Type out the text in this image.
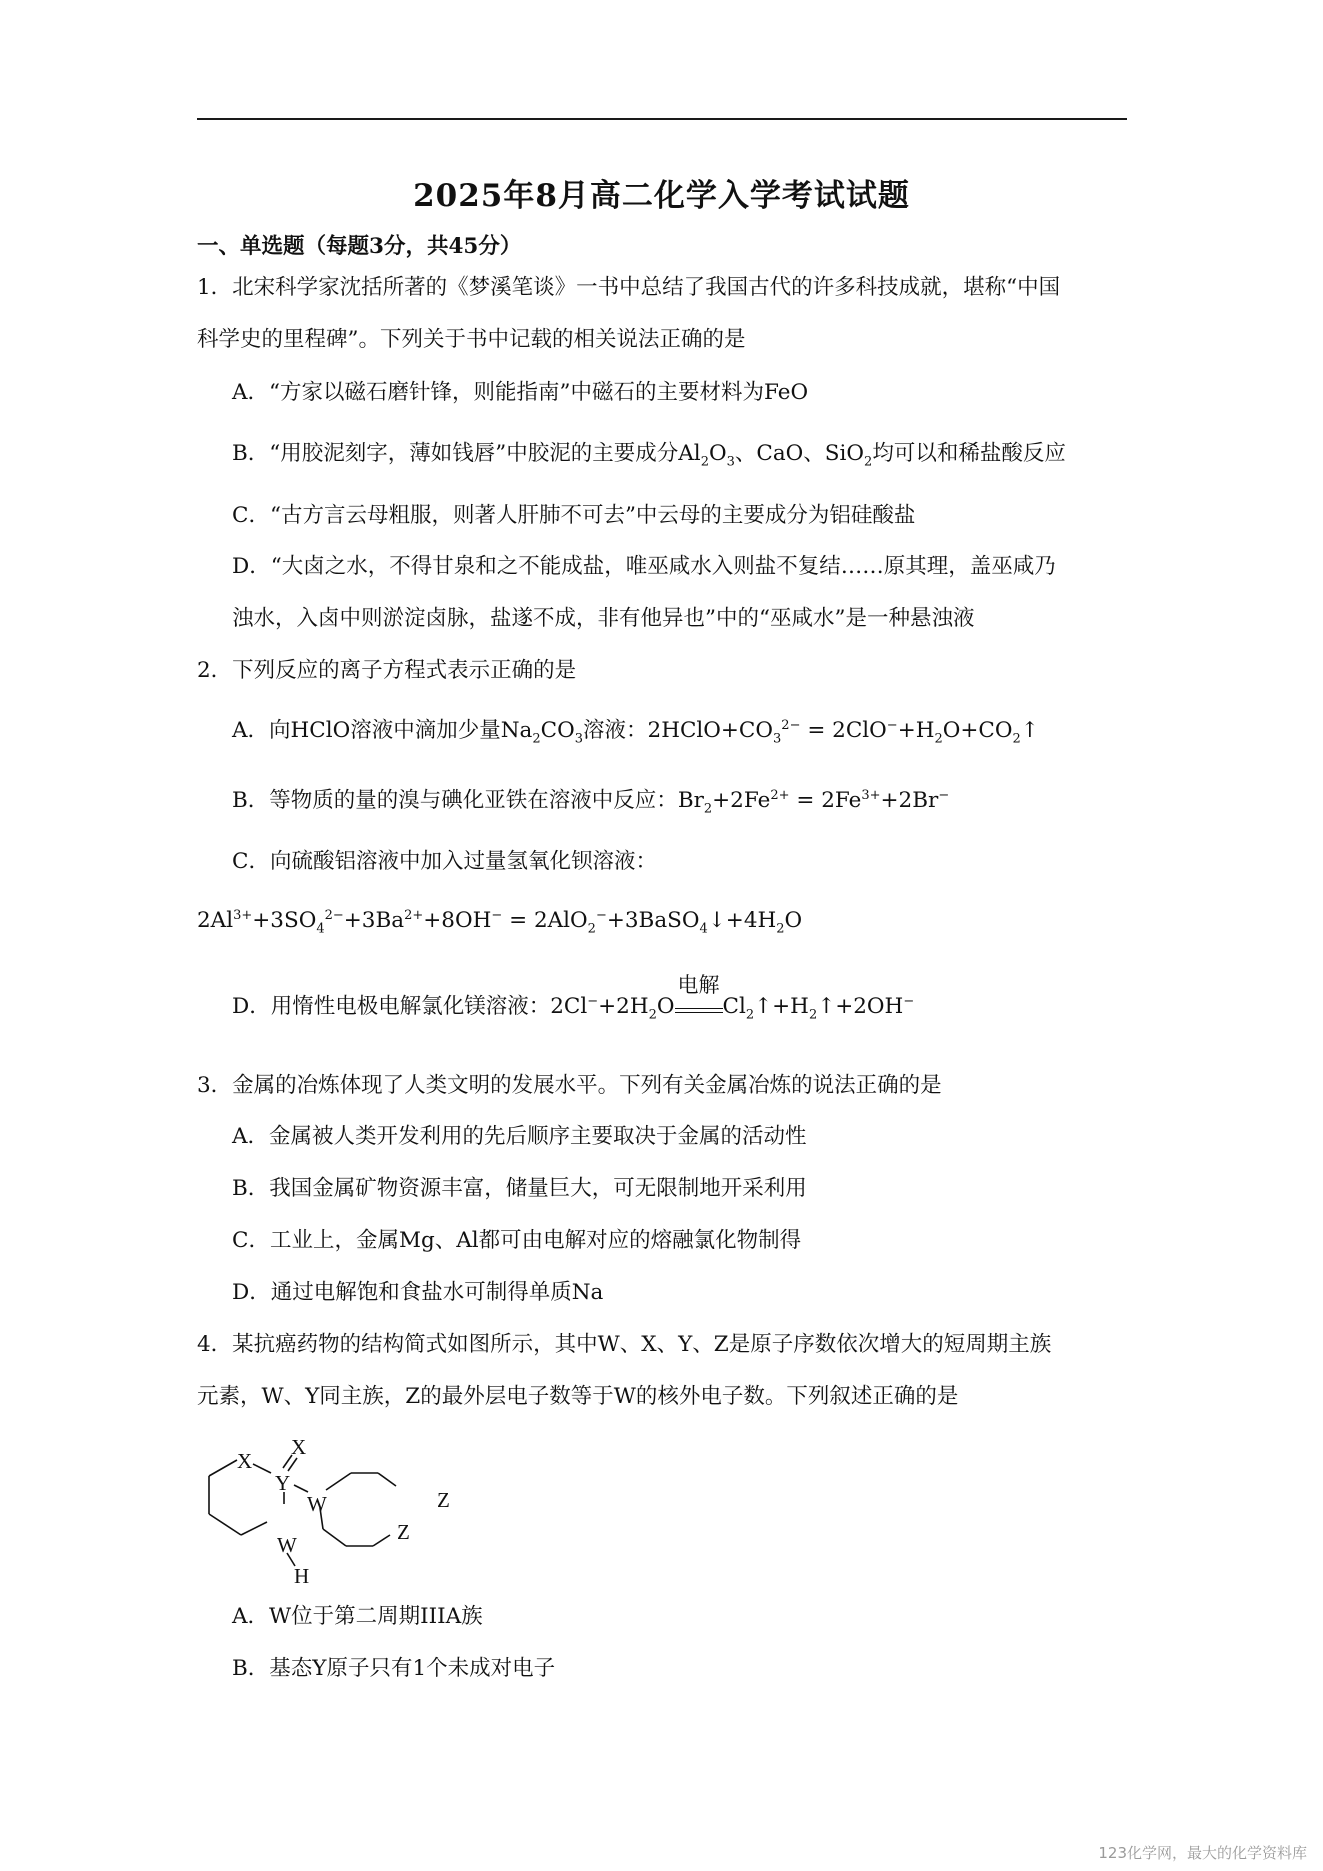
2025年8月高二化学入学考试试题
一、单选题（每题3分，共45分）
1．北宋科学家沈括所著的《梦溪笔谈》一书中总结了我国古代的许多科技成就，堪称“中国
科学史的里程碑”。下列关于书中记载的相关说法正确的是
A．“方家以磁石磨针锋，则能指南”中磁石的主要材料为FeO
B．“用胶泥刻字，薄如钱唇”中胶泥的主要成分$Al_2O_3$、CaO、SiO$_2$均可以和稀盐酸反应
C．“古方言云母粗服，则著人肝肺不可去”中云母的主要成分为铝硅酸盐
D．“大卤之水，不得甘泉和之不能成盐，唯巫咸水入则盐不复结……原其理，盖巫咸乃
浊水，入卤中则淤淀卤脉，盐遂不成，非有他异也”中的“巫咸水”是一种悬浊液
2．下列反应的离子方程式表示正确的是
A．向HClO溶液中滴加少量$Na_2CO_3$溶液：$2HClO+CO_3^{2-}$ = $2ClO^-+H_2O+CO_2↑$
B．等物质的量的溴与碘化亚铁在溶液中反应：$Br_2+2Fe^{2+} = 2Fe^{3+}+2Br^-$
C．向硫酸铝溶液中加入过量氢氧化钡溶液：
$2Al^{3+}+3SO_4^{2-}+3Ba^{2+}+8OH^-$ = $2AlO_2^-+3BaSO_4↓+4H_2O$
D．用惰性电极电解氯化镁溶液：$2Cl^-+2H_2O$
电解
$Cl_2↑+H_2↑+2OH^-$
3．金属的冶炼体现了人类文明的发展水平。下列有关金属冶炼的说法正确的是
A．金属被人类开发利用的先后顺序主要取决于金属的活动性
B．我国金属矿物资源丰富，储量巨大，可无限制地开采利用
C．工业上，金属Mg、Al都可由电解对应的熔融氯化物制得
D．通过电解饱和食盐水可制得单质Na
4．某抗癌药物的结构简式如图所示，其中W、X、Y、Z是原子序数依次增大的短周期主族
元素，W、Y同主族，Z的最外层电子数等于W的核外电子数。下列叙述正确的是
X
X
Y
W
W
H
Z
Z
A．W位于第二周期IIIA族
B．基态Y原子只有1个未成对电子
123化学网，最大的化学资料库
